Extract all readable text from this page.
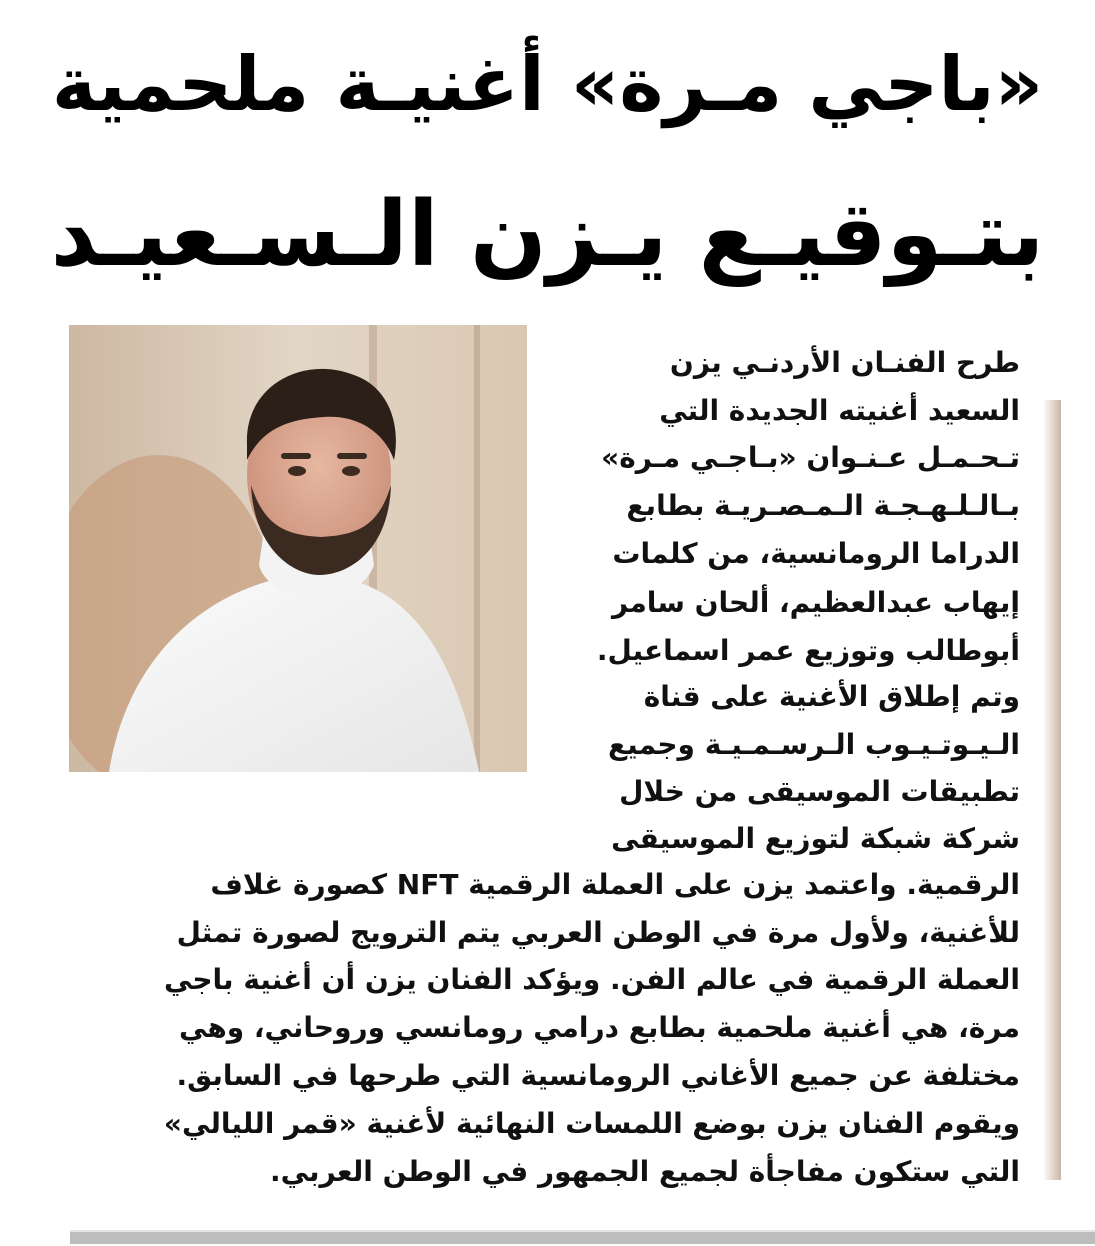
«باجي مـرة» أغنيـة ملحمية
بتـوقيـع يـزن الـسـعيـد
طرح الفنـان الأردنـي يزن
السعيد أغنيته الجديدة التي
تـحـمـل عـنـوان «بـاجـي مـرة»
بـالـلـهـجـة الـمـصـريـة بطابع
الدراما الرومانسية، من كلمات
إيهاب عبدالعظيم، ألحان سامر
أبوطالب وتوزيع عمر اسماعيل.
وتم إطلاق الأغنية على قناة
الـيـوتـيـوب الـرسـمـيـة وجميع
تطبيقات الموسيقى من خلال
شركة شبكة لتوزيع الموسيقى
الرقمية. واعتمد يزن على العملة الرقمية NFT كصورة غلاف
للأغنية، ولأول مرة في الوطن العربي يتم الترويج لصورة تمثل
العملة الرقمية في عالم الفن. ويؤكد الفنان يزن أن أغنية باجي
مرة، هي أغنية ملحمية بطابع درامي رومانسي وروحاني، وهي
مختلفة عن جميع الأغاني الرومانسية التي طرحها في السابق.
ويقوم الفنان يزن بوضع اللمسات النهائية لأغنية «قمر الليالي»
التي ستكون مفاجأة لجميع الجمهور في الوطن العربي.
